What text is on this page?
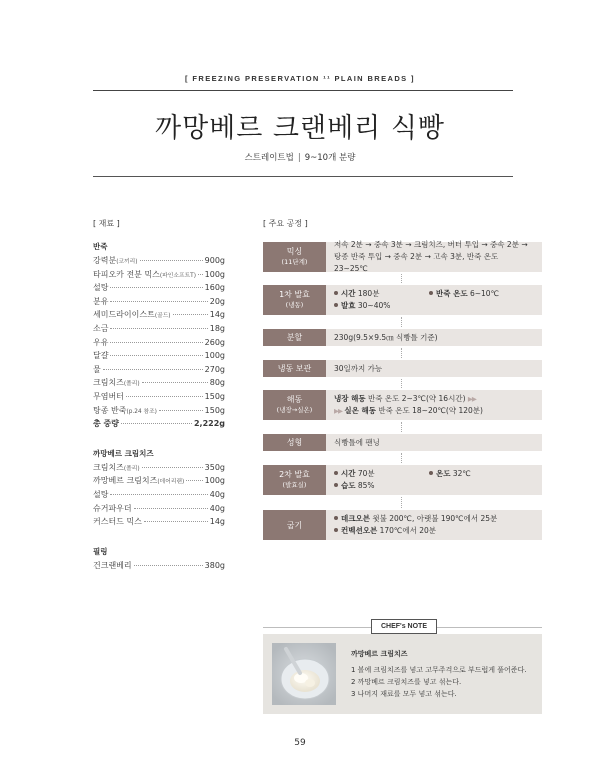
[ FREEZING PRESERVATION ¹¹ PLAIN BREADS ]
까망베르 크랜베리 식빵
스트레이트법 | 9~10개 분량
[ 재료 ]
반죽
강력분(코끼리)	900g
타피오카 전분 믹스(파인소프트T) 100g
설탕	160g
분유	20g
세미드라이이스트(골드)	14g
소금	18g
우유	260g
달걀	100g
물	270g
크림치즈(폴리)	80g
무염버터	150g
탕종 반죽(p.24 참조)	150g
총 중량	2,222g
까망베르 크림치즈
크림치즈(폴리)	350g
까망베르 크림치즈(데어리랜)	100g
설탕	40g
슈거파우더	40g
커스터드 믹스	14g
필링
건크랜베리	380g
[ 주요 공정 ]
믹싱
(11단계)
저속 2분 → 중속 3분 → 크림치즈, 버터 투입 → 중속 2분 →
탕종 반죽 투입 → 중속 2분 → 고속 3분, 반죽 온도 23~25℃
1차 발효
(냉동)
시간 180분	반죽 온도 6~10℃
발효 30~40%
분할	230g(9.5×9.5㎝ 식빵틀 기준)
냉동 보관	30일까지 가능
해동
(냉장→실온)
냉장 해동 반죽 온도 2~3℃(약 16시간) ▶▶
▶▶ 실온 해동 반죽 온도 18~20℃(약 120분)
성형	식빵틀에 팬닝
2차 발효
(발효실)
시간 70분	온도 32℃
습도 85%
굽기
데크오븐 윗불 200℃, 아랫불 190℃에서 25분
컨벡션오븐 170℃에서 20분
CHEF's NOTE
까망베르 크림치즈
1 볼에 크림치즈를 넣고 고무주걱으로 부드럽게 풀어준다.
2 까망베르 크림치즈를 넣고 섞는다.
3 나머지 재료를 모두 넣고 섞는다.
59
